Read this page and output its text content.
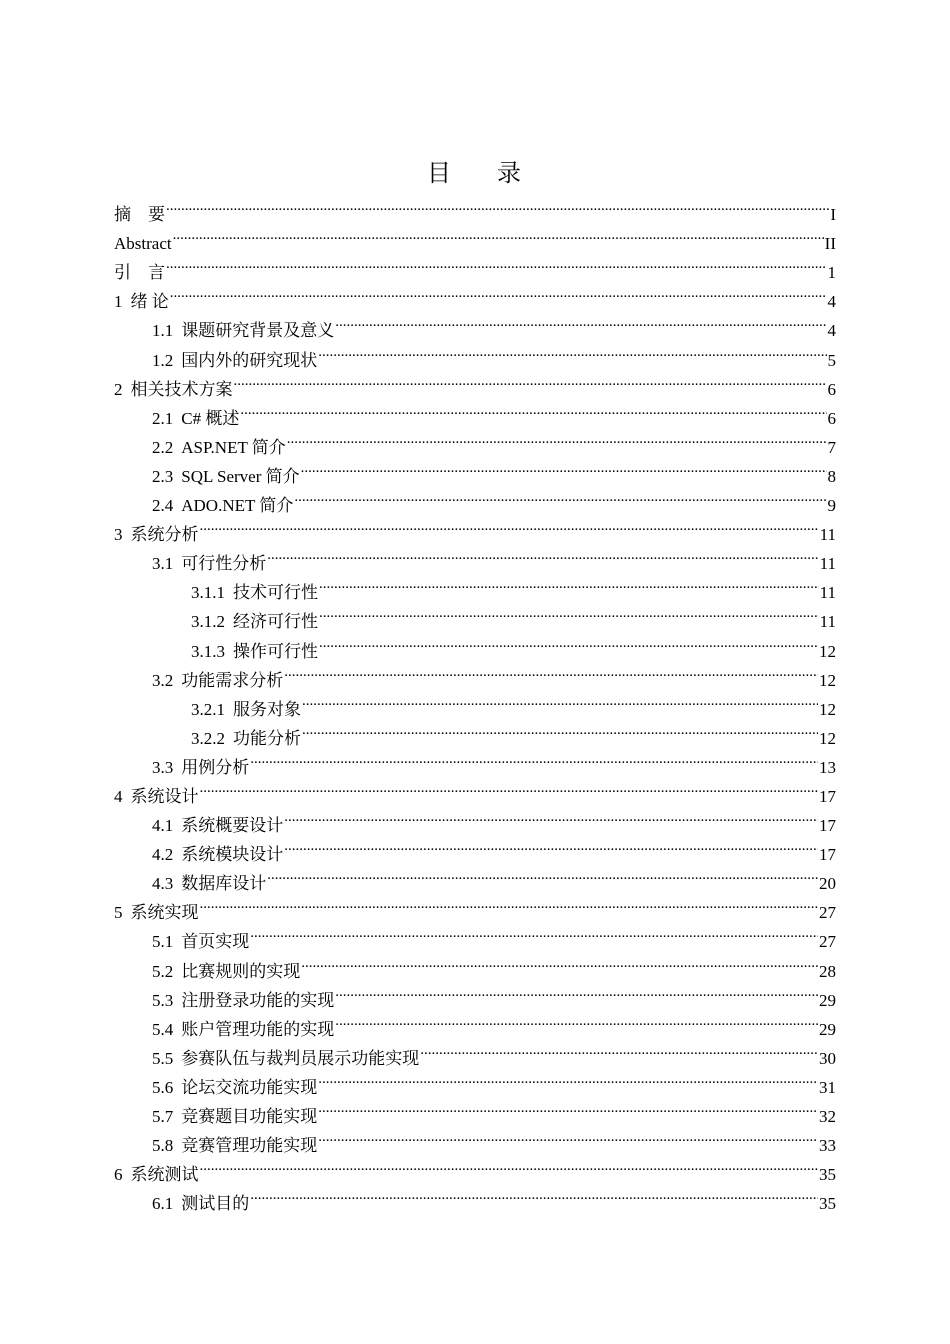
目 录
摘　要 .....	I
Abstract .....	II
引　言 .....	1
1 绪 论 .....	4
1.1 课题研究背景及意义 .....	4
1.2 国内外的研究现状 .....	5
2 相关技术方案 .....	6
2.1 C# 概述 .....	6
2.2 ASP.NET 简介 .....	7
2.3 SQL Server 简介 .....	8
2.4 ADO.NET 简介 .....	9
3 系统分析 .....	11
3.1 可行性分析 .....	11
3.1.1 技术可行性 .....	11
3.1.2 经济可行性 .....	11
3.1.3 操作可行性 .....	12
3.2 功能需求分析 .....	12
3.2.1 服务对象 .....	12
3.2.2 功能分析 .....	12
3.3 用例分析 .....	13
4 系统设计 .....	17
4.1 系统概要设计 .....	17
4.2 系统模块设计 .....	17
4.3 数据库设计 .....	20
5 系统实现 .....	27
5.1 首页实现 .....	27
5.2 比赛规则的实现 .....	28
5.3 注册登录功能的实现 .....	29
5.4 账户管理功能的实现 .....	29
5.5 参赛队伍与裁判员展示功能实现 .....	30
5.6 论坛交流功能实现 .....	31
5.7 竞赛题目功能实现 .....	32
5.8 竞赛管理功能实现 .....	33
6 系统测试 .....	35
6.1 测试目的 .....	35
